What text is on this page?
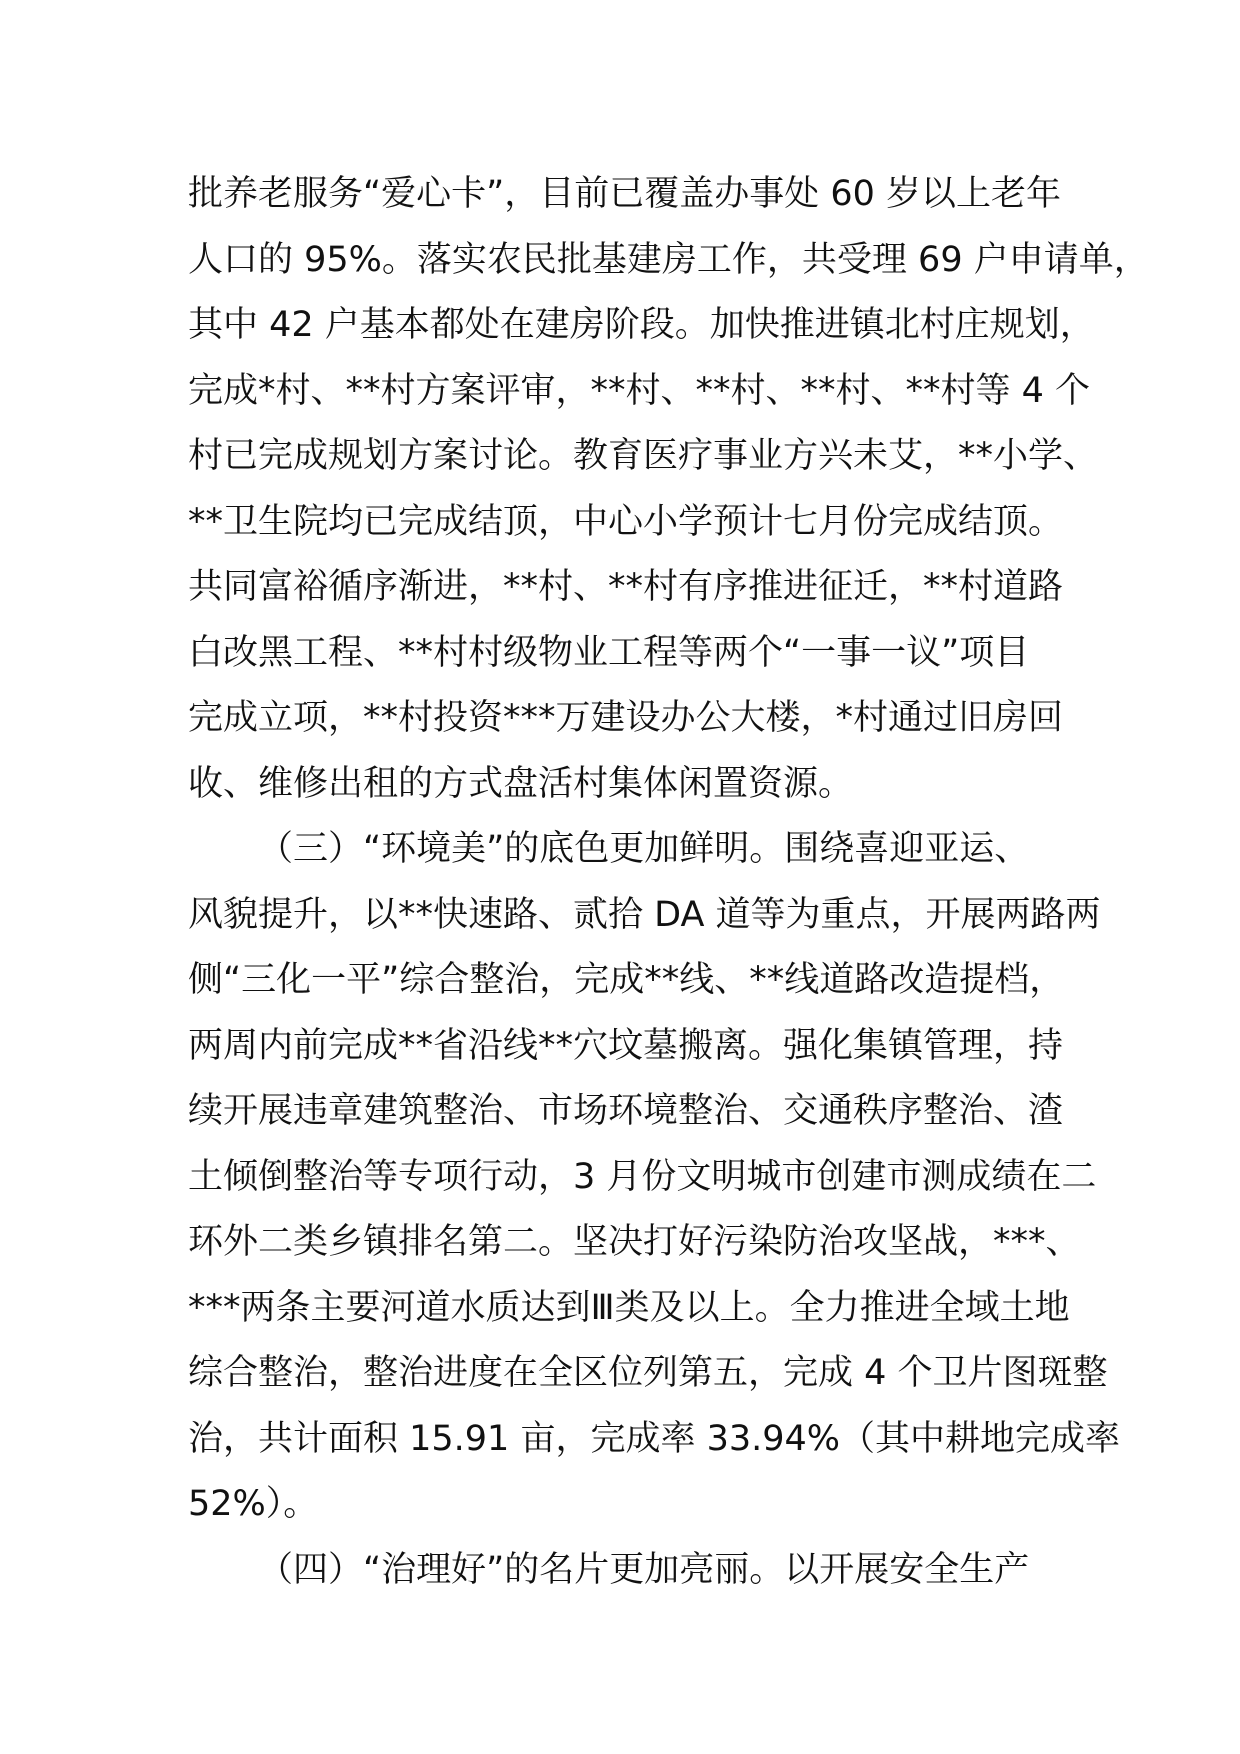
批养老服务“爱心卡”，目前已覆盖办事处 60 岁以上老年
人口的 95%。落实农民批基建房工作，共受理 69 户申请单，
其中 42 户基本都处在建房阶段。加快推进镇北村庄规划，
完成*村、**村方案评审，**村、**村、**村、**村等 4 个
村已完成规划方案讨论。教育医疗事业方兴未艾，**小学、
**卫生院均已完成结顶，中心小学预计七月份完成结顶。
共同富裕循序渐进，**村、**村有序推进征迁，**村道路
白改黑工程、**村村级物业工程等两个“一事一议”项目
完成立项，**村投资***万建设办公大楼，*村通过旧房回
收、维修出租的方式盘活村集体闲置资源。
（三）“环境美”的底色更加鲜明。围绕喜迎亚运、
风貌提升，以**快速路、贰拾 DA 道等为重点，开展两路两
侧“三化一平”综合整治，完成**线、**线道路改造提档，
两周内前完成**省沿线**穴坟墓搬离。强化集镇管理，持
续开展违章建筑整治、市场环境整治、交通秩序整治、渣
土倾倒整治等专项行动，3 月份文明城市创建市测成绩在二
环外二类乡镇排名第二。坚决打好污染防治攻坚战，***、
***两条主要河道水质达到Ⅲ类及以上。全力推进全域土地
综合整治，整治进度在全区位列第五，完成 4 个卫片图斑整
治，共计面积 15.91 亩，完成率 33.94%（其中耕地完成率
52%）。
（四）“治理好”的名片更加亮丽。以开展安全生产
